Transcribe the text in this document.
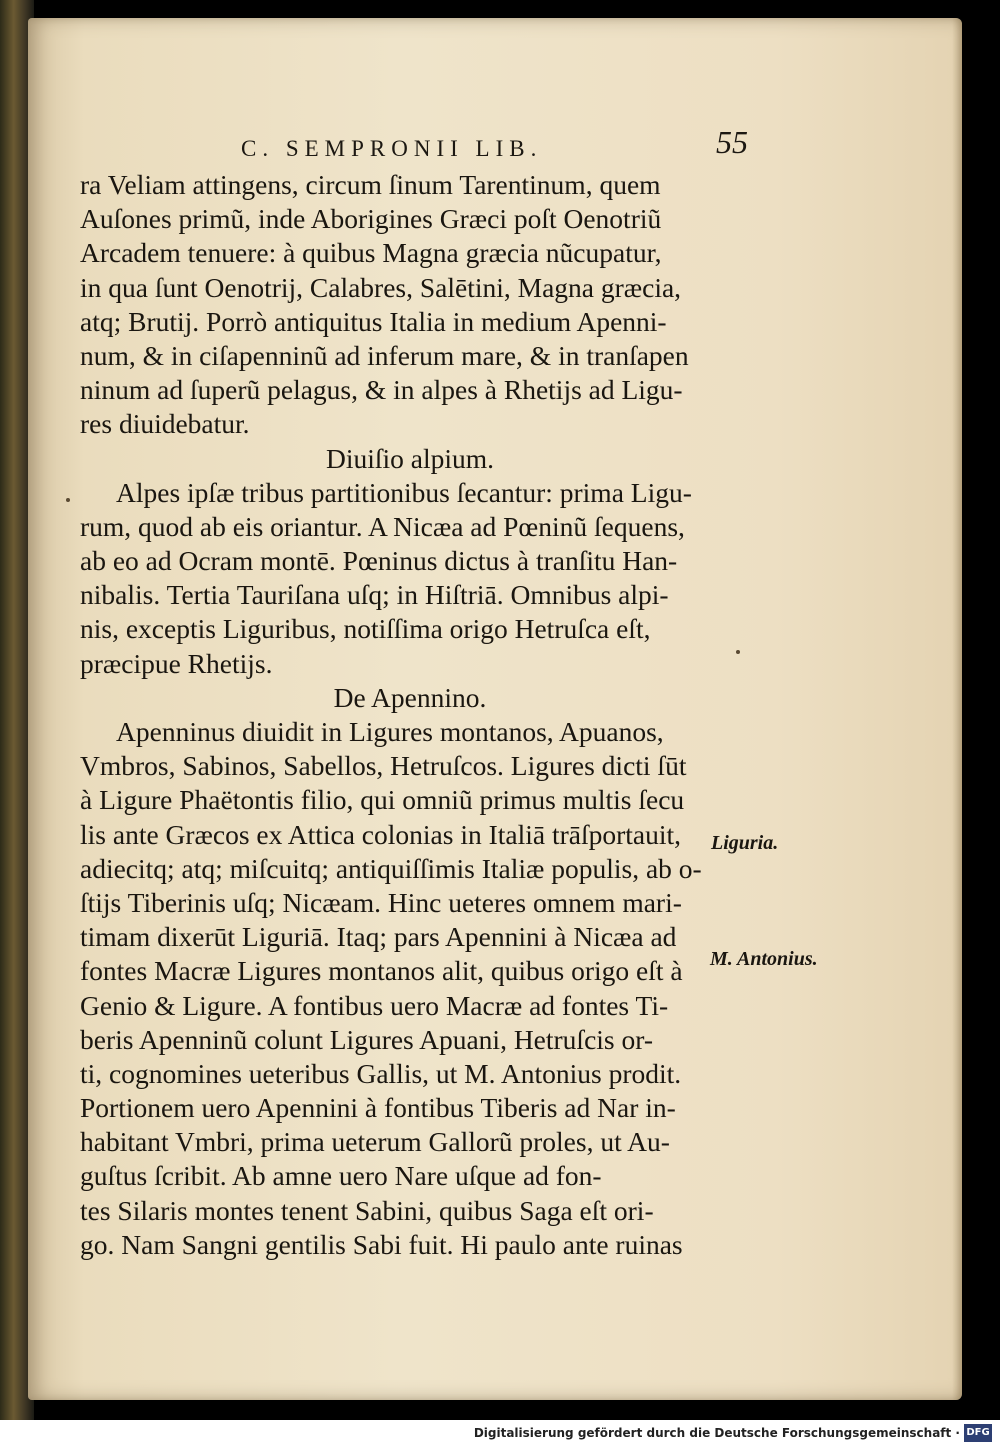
C. SEMPRONII LIB.	55
ra Veliam attingens, circum ſinum Tarentinum, quem
Auſones primũ, inde Aborigines Græci poſt Oenotriũ
Arcadem tenuere: à quibus Magna græcia nũcupatur,
in qua ſunt Oenotrij, Calabres, Salētini, Magna græcia,
atq; Brutij. Porrò antiquitus Italia in medium Apenni-
num, & in ciſapenninũ ad inferum mare, & in tranſapen
ninum ad ſuperũ pelagus, & in alpes à Rhetijs ad Ligu-
res diuidebatur.
Diuiſio alpium.
Alpes ipſæ tribus partitionibus ſecantur: prima Ligu-
rum, quod ab eis oriantur. A Nicæa ad Pœninũ ſequens,
ab eo ad Ocram montē. Pœninus dictus à tranſitu Han-
nibalis. Tertia Tauriſana uſq; in Hiſtriā. Omnibus alpi-
nis, exceptis Liguribus, notiſſima origo Hetruſca eſt,
præcipue Rhetijs.
De Apennino.
Apenninus diuidit in Ligures montanos, Apuanos,
Vmbros, Sabinos, Sabellos, Hetruſcos. Ligures dicti ſūt
à Ligure Phaëtontis filio, qui omniũ primus multis ſecu
lis ante Græcos ex Attica colonias in Italiā trāſportauit,
adiecitq; atq; miſcuitq; antiquiſſimis Italiæ populis, ab o-
ſtijs Tiberinis uſq; Nicæam. Hinc ueteres omnem mari-
timam dixerūt Liguriā. Itaq; pars Apennini à Nicæa ad
fontes Macræ Ligures montanos alit, quibus origo eſt à
Genio & Ligure. A fontibus uero Macræ ad fontes Ti-
beris Apenninũ colunt Ligures Apuani, Hetruſcis or-
ti, cognomines ueteribus Gallis, ut M. Antonius prodit.
Portionem uero Apennini à fontibus Tiberis ad Nar in-
habitant Vmbri, prima ueterum Gallorũ proles, ut Au-
guſtus ſcribit. Ab amne uero Nare uſque ad fon-
tes Silaris montes tenent Sabini, quibus Saga eſt ori-
go. Nam Sangni gentilis Sabi fuit. Hi paulo ante ruinas
Liguria.
M. Antonius.
Digitalisierung gefördert durch die Deutsche Forschungsgemeinschaft · DFG
